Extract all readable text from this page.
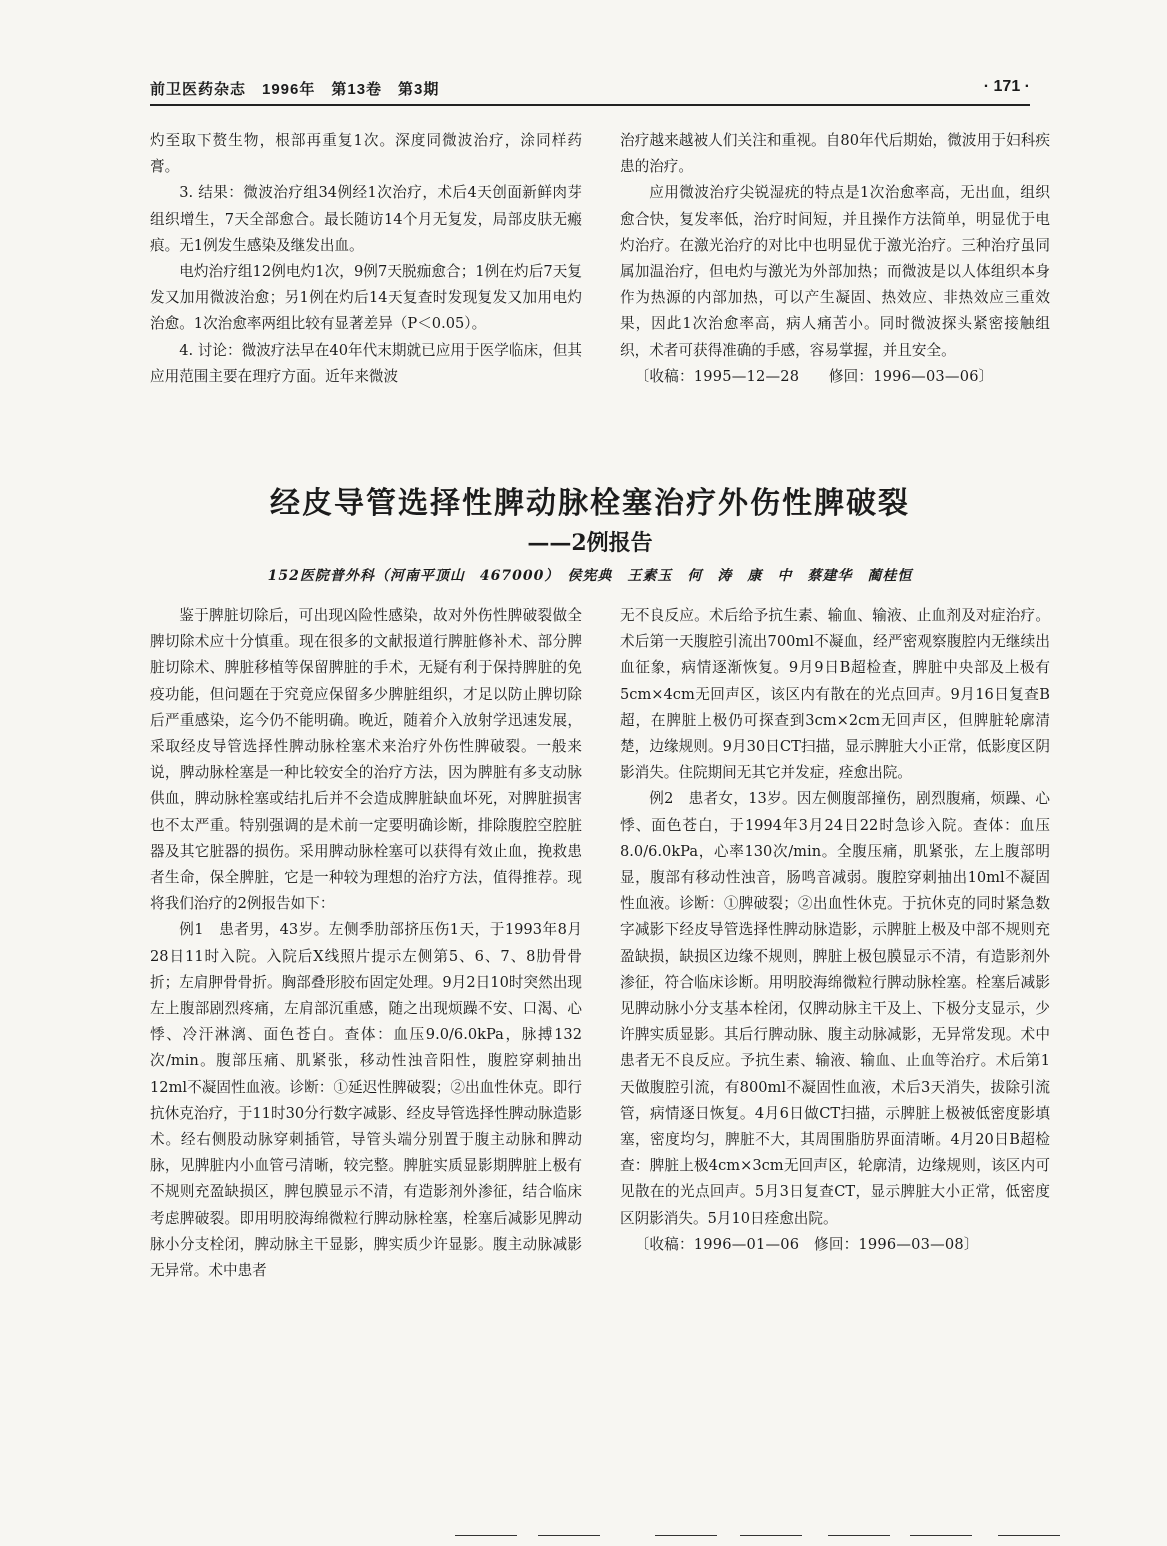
前卫医药杂志　1996年　第13卷　第3期	· 171 ·

灼至取下赘生物，根部再重复1次。深度同微波治疗，涂同样药膏。

3. 结果：微波治疗组34例经1次治疗，术后4天创面新鲜肉芽组织增生，7天全部愈合。最长随访14个月无复发，局部皮肤无瘢痕。无1例发生感染及继发出血。

电灼治疗组12例电灼1次，9例7天脱痂愈合；1例在灼后7天复发又加用微波治愈；另1例在灼后14天复查时发现复发又加用电灼治愈。1次治愈率两组比较有显著差异（P＜0.05）。

4. 讨论：微波疗法早在40年代末期就已应用于医学临床，但其应用范围主要在理疗方面。近年来微波

治疗越来越被人们关注和重视。自80年代后期始，微波用于妇科疾患的治疗。

应用微波治疗尖锐湿疣的特点是1次治愈率高，无出血，组织愈合快，复发率低，治疗时间短，并且操作方法简单，明显优于电灼治疗。在激光治疗的对比中也明显优于激光治疗。三种治疗虽同属加温治疗，但电灼与激光为外部加热；而微波是以人体组织本身作为热源的内部加热，可以产生凝固、热效应、非热效应三重效果，因此1次治愈率高，病人痛苦小。同时微波探头紧密接触组织，术者可获得准确的手感，容易掌握，并且安全。

〔收稿：1995—12—28　　修回：1996—03—06〕

经皮导管选择性脾动脉栓塞治疗外伤性脾破裂
——2例报告
152医院普外科（河南平顶山　467000）　侯宪典　王素玉　何　涛　康　中　蔡建华　蔺桂恒

鉴于脾脏切除后，可出现凶险性感染，故对外伤性脾破裂做全脾切除术应十分慎重。现在很多的文献报道行脾脏修补术、部分脾脏切除术、脾脏移植等保留脾脏的手术，无疑有利于保持脾脏的免疫功能，但问题在于究竟应保留多少脾脏组织，才足以防止脾切除后严重感染，迄今仍不能明确。晚近，随着介入放射学迅速发展，采取经皮导管选择性脾动脉栓塞术来治疗外伤性脾破裂。一般来说，脾动脉栓塞是一种比较安全的治疗方法，因为脾脏有多支动脉供血，脾动脉栓塞或结扎后并不会造成脾脏缺血坏死，对脾脏损害也不太严重。特别强调的是术前一定要明确诊断，排除腹腔空腔脏器及其它脏器的损伤。采用脾动脉栓塞可以获得有效止血，挽救患者生命，保全脾脏，它是一种较为理想的治疗方法，值得推荐。现将我们治疗的2例报告如下：

例1　患者男，43岁。左侧季肋部挤压伤1天，于1993年8月28日11时入院。入院后X线照片提示左侧第5、6、7、8肋骨骨折；左肩胛骨骨折。胸部叠形胶布固定处理。9月2日10时突然出现左上腹部剧烈疼痛，左肩部沉重感，随之出现烦躁不安、口渴、心悸、冷汗淋漓、面色苍白。查体：血压9.0/6.0kPa，脉搏132次/min。腹部压痛、肌紧张，移动性浊音阳性，腹腔穿刺抽出12ml不凝固性血液。诊断：①延迟性脾破裂；②出血性休克。即行抗休克治疗，于11时30分行数字减影、经皮导管选择性脾动脉造影术。经右侧股动脉穿刺插管，导管头端分别置于腹主动脉和脾动脉，见脾脏内小血管弓清晰，较完整。脾脏实质显影期脾脏上极有不规则充盈缺损区，脾包膜显示不清，有造影剂外渗征，结合临床考虑脾破裂。即用明胶海绵微粒行脾动脉栓塞，栓塞后减影见脾动脉小分支栓闭，脾动脉主干显影，脾实质少许显影。腹主动脉减影无异常。术中患者

无不良反应。术后给予抗生素、输血、输液、止血剂及对症治疗。术后第一天腹腔引流出700ml不凝血，经严密观察腹腔内无继续出血征象，病情逐渐恢复。9月9日B超检查，脾脏中央部及上极有5cm×4cm无回声区，该区内有散在的光点回声。9月16日复查B超，在脾脏上极仍可探查到3cm×2cm无回声区，但脾脏轮廓清楚，边缘规则。9月30日CT扫描，显示脾脏大小正常，低影度区阴影消失。住院期间无其它并发症，痊愈出院。

例2　患者女，13岁。因左侧腹部撞伤，剧烈腹痛，烦躁、心悸、面色苍白，于1994年3月24日22时急诊入院。查体：血压8.0/6.0kPa，心率130次/min。全腹压痛，肌紧张，左上腹部明显，腹部有移动性浊音，肠鸣音减弱。腹腔穿刺抽出10ml不凝固性血液。诊断：①脾破裂；②出血性休克。于抗休克的同时紧急数字减影下经皮导管选择性脾动脉造影，示脾脏上极及中部不规则充盈缺损，缺损区边缘不规则，脾脏上极包膜显示不清，有造影剂外渗征，符合临床诊断。用明胶海绵微粒行脾动脉栓塞。栓塞后减影见脾动脉小分支基本栓闭，仅脾动脉主干及上、下极分支显示，少许脾实质显影。其后行脾动脉、腹主动脉减影，无异常发现。术中患者无不良反应。予抗生素、输液、输血、止血等治疗。术后第1天做腹腔引流，有800ml不凝固性血液，术后3天消失，拔除引流管，病情逐日恢复。4月6日做CT扫描，示脾脏上极被低密度影填塞，密度均匀，脾脏不大，其周围脂肪界面清晰。4月20日B超检查：脾脏上极4cm×3cm无回声区，轮廓清，边缘规则，该区内可见散在的光点回声。5月3日复查CT，显示脾脏大小正常，低密度区阴影消失。5月10日痊愈出院。

〔收稿：1996—01—06　修回：1996—03—08〕
